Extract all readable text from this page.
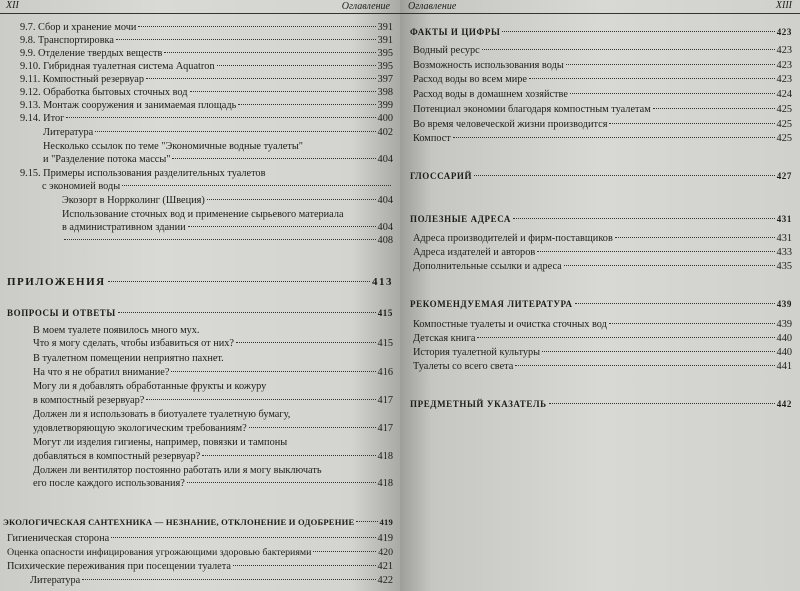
XII	Оглавление
9.7. Сбор и хранение мочи	391
9.8. Транспортировка	391
9.9. Отделение твердых веществ	395
9.10. Гибридная туалетная система Aquatron	395
9.11. Компостный резервуар	397
9.12. Обработка бытовых сточных вод	398
9.13. Монтаж сооружения и занимаемая площадь	399
9.14. Итог	400
Литература	402
Несколько ссылок по теме "Экономичные водные туалеты"
и "Разделение потока массы"	404
9.15. Примеры использования разделительных туалетов
с экономией воды
Экозорт в Норрколинг (Швеция)	404
Использование сточных вод и применение сырьевого материала
в административном здании	404
408
ПРИЛОЖЕНИЯ	413
ВОПРОСЫ И ОТВЕТЫ	415
В моем туалете появилось много мух.
Что я могу сделать, чтобы избавиться от них?	415
В туалетном помещении неприятно пахнет.
На что я не обратил внимание?	416
Могу ли я добавлять обработанные фрукты и кожуру
в компостный резервуар?	417
Должен ли я использовать в биотуалете туалетную бумагу,
удовлетворяющую экологическим требованиям?	417
Могут ли изделия гигиены, например, повязки и тампоны
добавляться в компостный резервуар?	418
Должен ли вентилятор постоянно работать или я могу выключать
его после каждого использования?	418
ЭКОЛОГИЧЕСКАЯ САНТЕХНИКА — НЕЗНАНИЕ, ОТКЛОНЕНИЕ И ОДОБРЕНИЕ	419
Гигиеническая сторона	419
Оценка опасности инфицирования угрожающими здоровью бактериями	420
Психические переживания при посещении туалета	421
Литература	422
Оглавление	XIII
ФАКТЫ И ЦИФРЫ	423
Водный ресурс	423
Возможность использования воды	423
Расход воды во всем мире	423
Расход воды в домашнем хозяйстве	424
Потенциал экономии благодаря компостным туалетам	425
Во время человеческой жизни производится	425
Компост	425
ГЛОССАРИЙ	427
ПОЛЕЗНЫЕ АДРЕСА	431
Адреса производителей и фирм-поставщиков	431
Адреса издателей и авторов	433
Дополнительные ссылки и адреса	435
РЕКОМЕНДУЕМАЯ ЛИТЕРАТУРА	439
Компостные туалеты и очистка сточных вод	439
Детская книга	440
История туалетной культуры	440
Туалеты со всего света	441
ПРЕДМЕТНЫЙ УКАЗАТЕЛЬ	442
